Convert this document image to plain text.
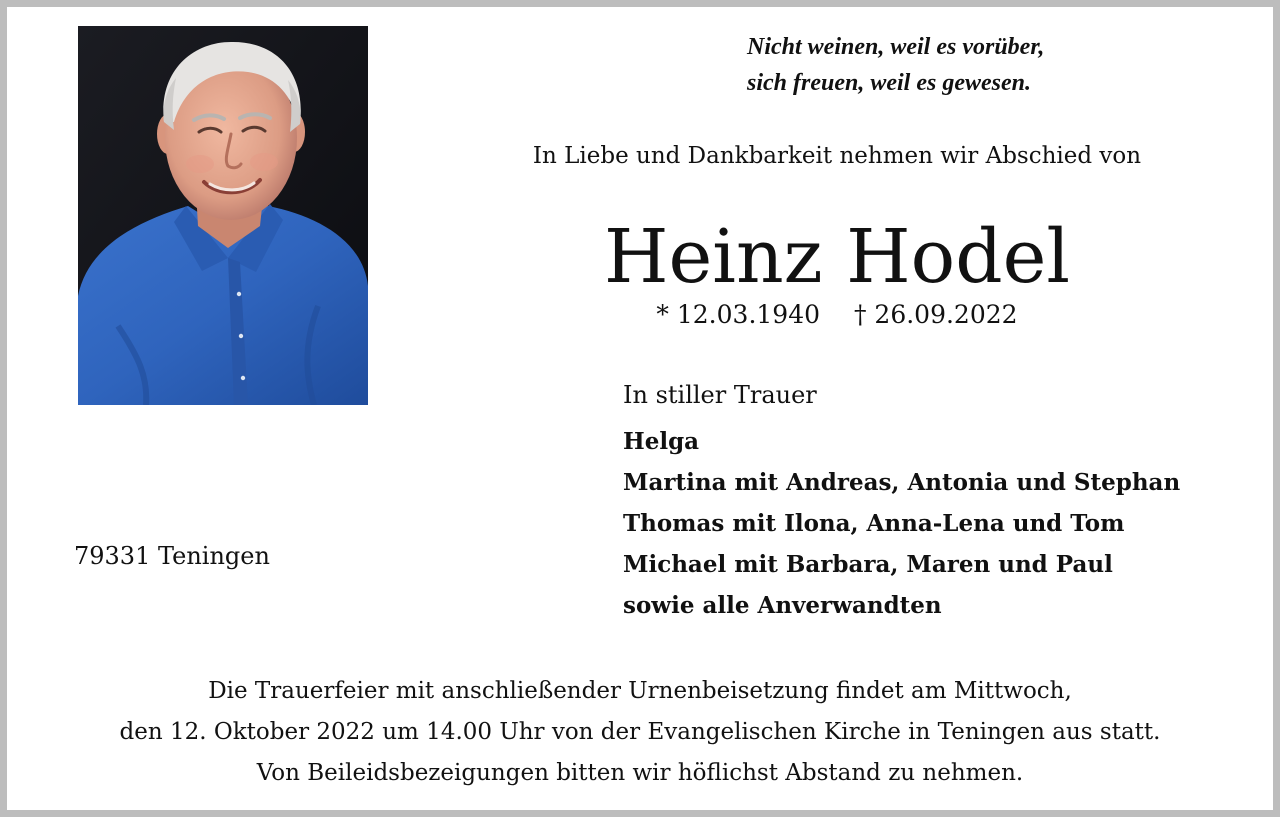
Nicht weinen, weil es vorüber,
sich freuen, weil es gewesen.
In Liebe und Dankbarkeit nehmen wir Abschied von
Heinz Hodel
* 12.03.1940 † 26.09.2022
In stiller Trauer
Helga
Martina mit Andreas, Antonia und Stephan
Thomas mit Ilona, Anna-Lena und Tom
Michael mit Barbara, Maren und Paul
sowie alle Anverwandten
79331 Teningen

Die Trauerfeier mit anschließender Urnenbeisetzung findet am Mittwoch,

den 12. Oktober 2022 um 14.00 Uhr von der Evangelischen Kirche in Teningen aus statt.

Von Beileidsbezeigungen bitten wir höflichst Abstand zu nehmen.
